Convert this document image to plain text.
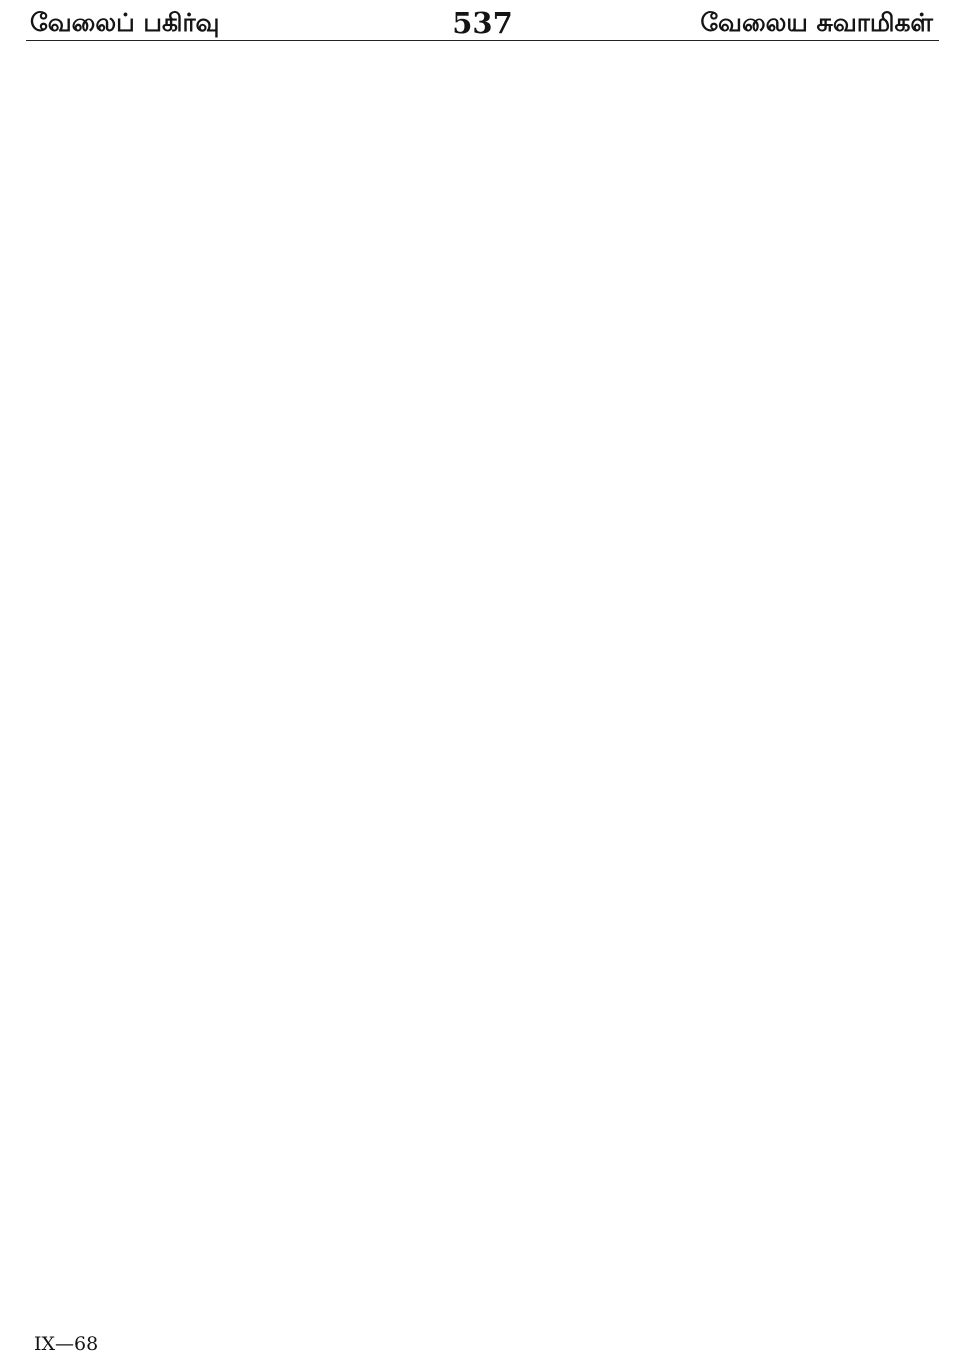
வேலைப் பகிர்வு	537	வேலைய சுவாமிகள்
IX—68
